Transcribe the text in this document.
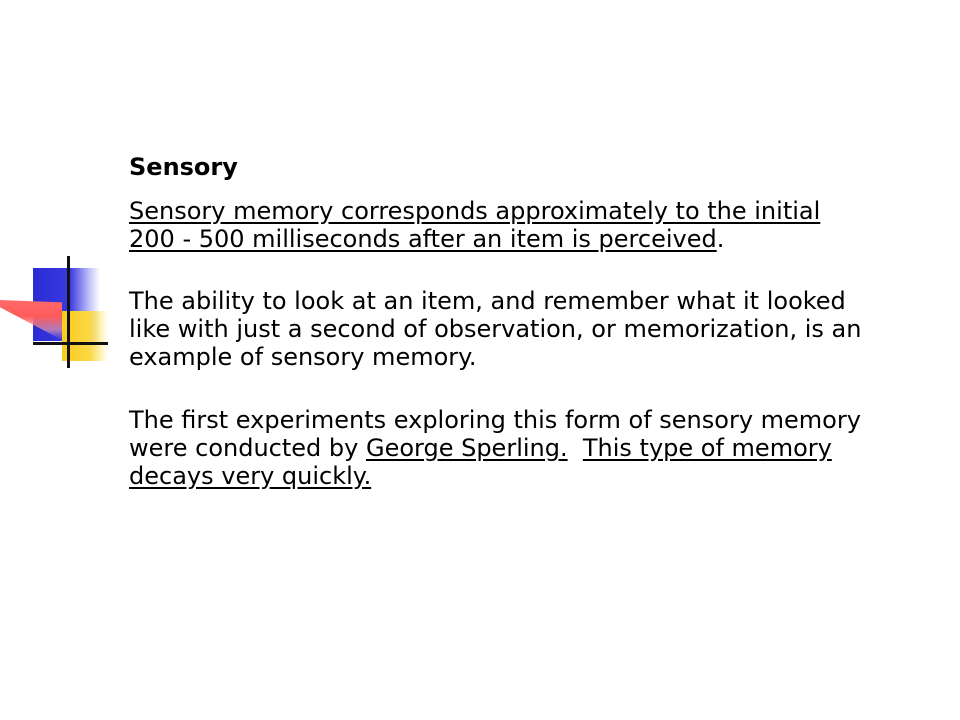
Sensory
Sensory memory corresponds approximately to the initial 200 - 500 milliseconds after an item is perceived.
The ability to look at an item, and remember what it looked like with just a second of observation, or memorization, is an example of sensory memory.
The first experiments exploring this form of sensory memory were conducted by George Sperling. This type of memory decays very quickly.
